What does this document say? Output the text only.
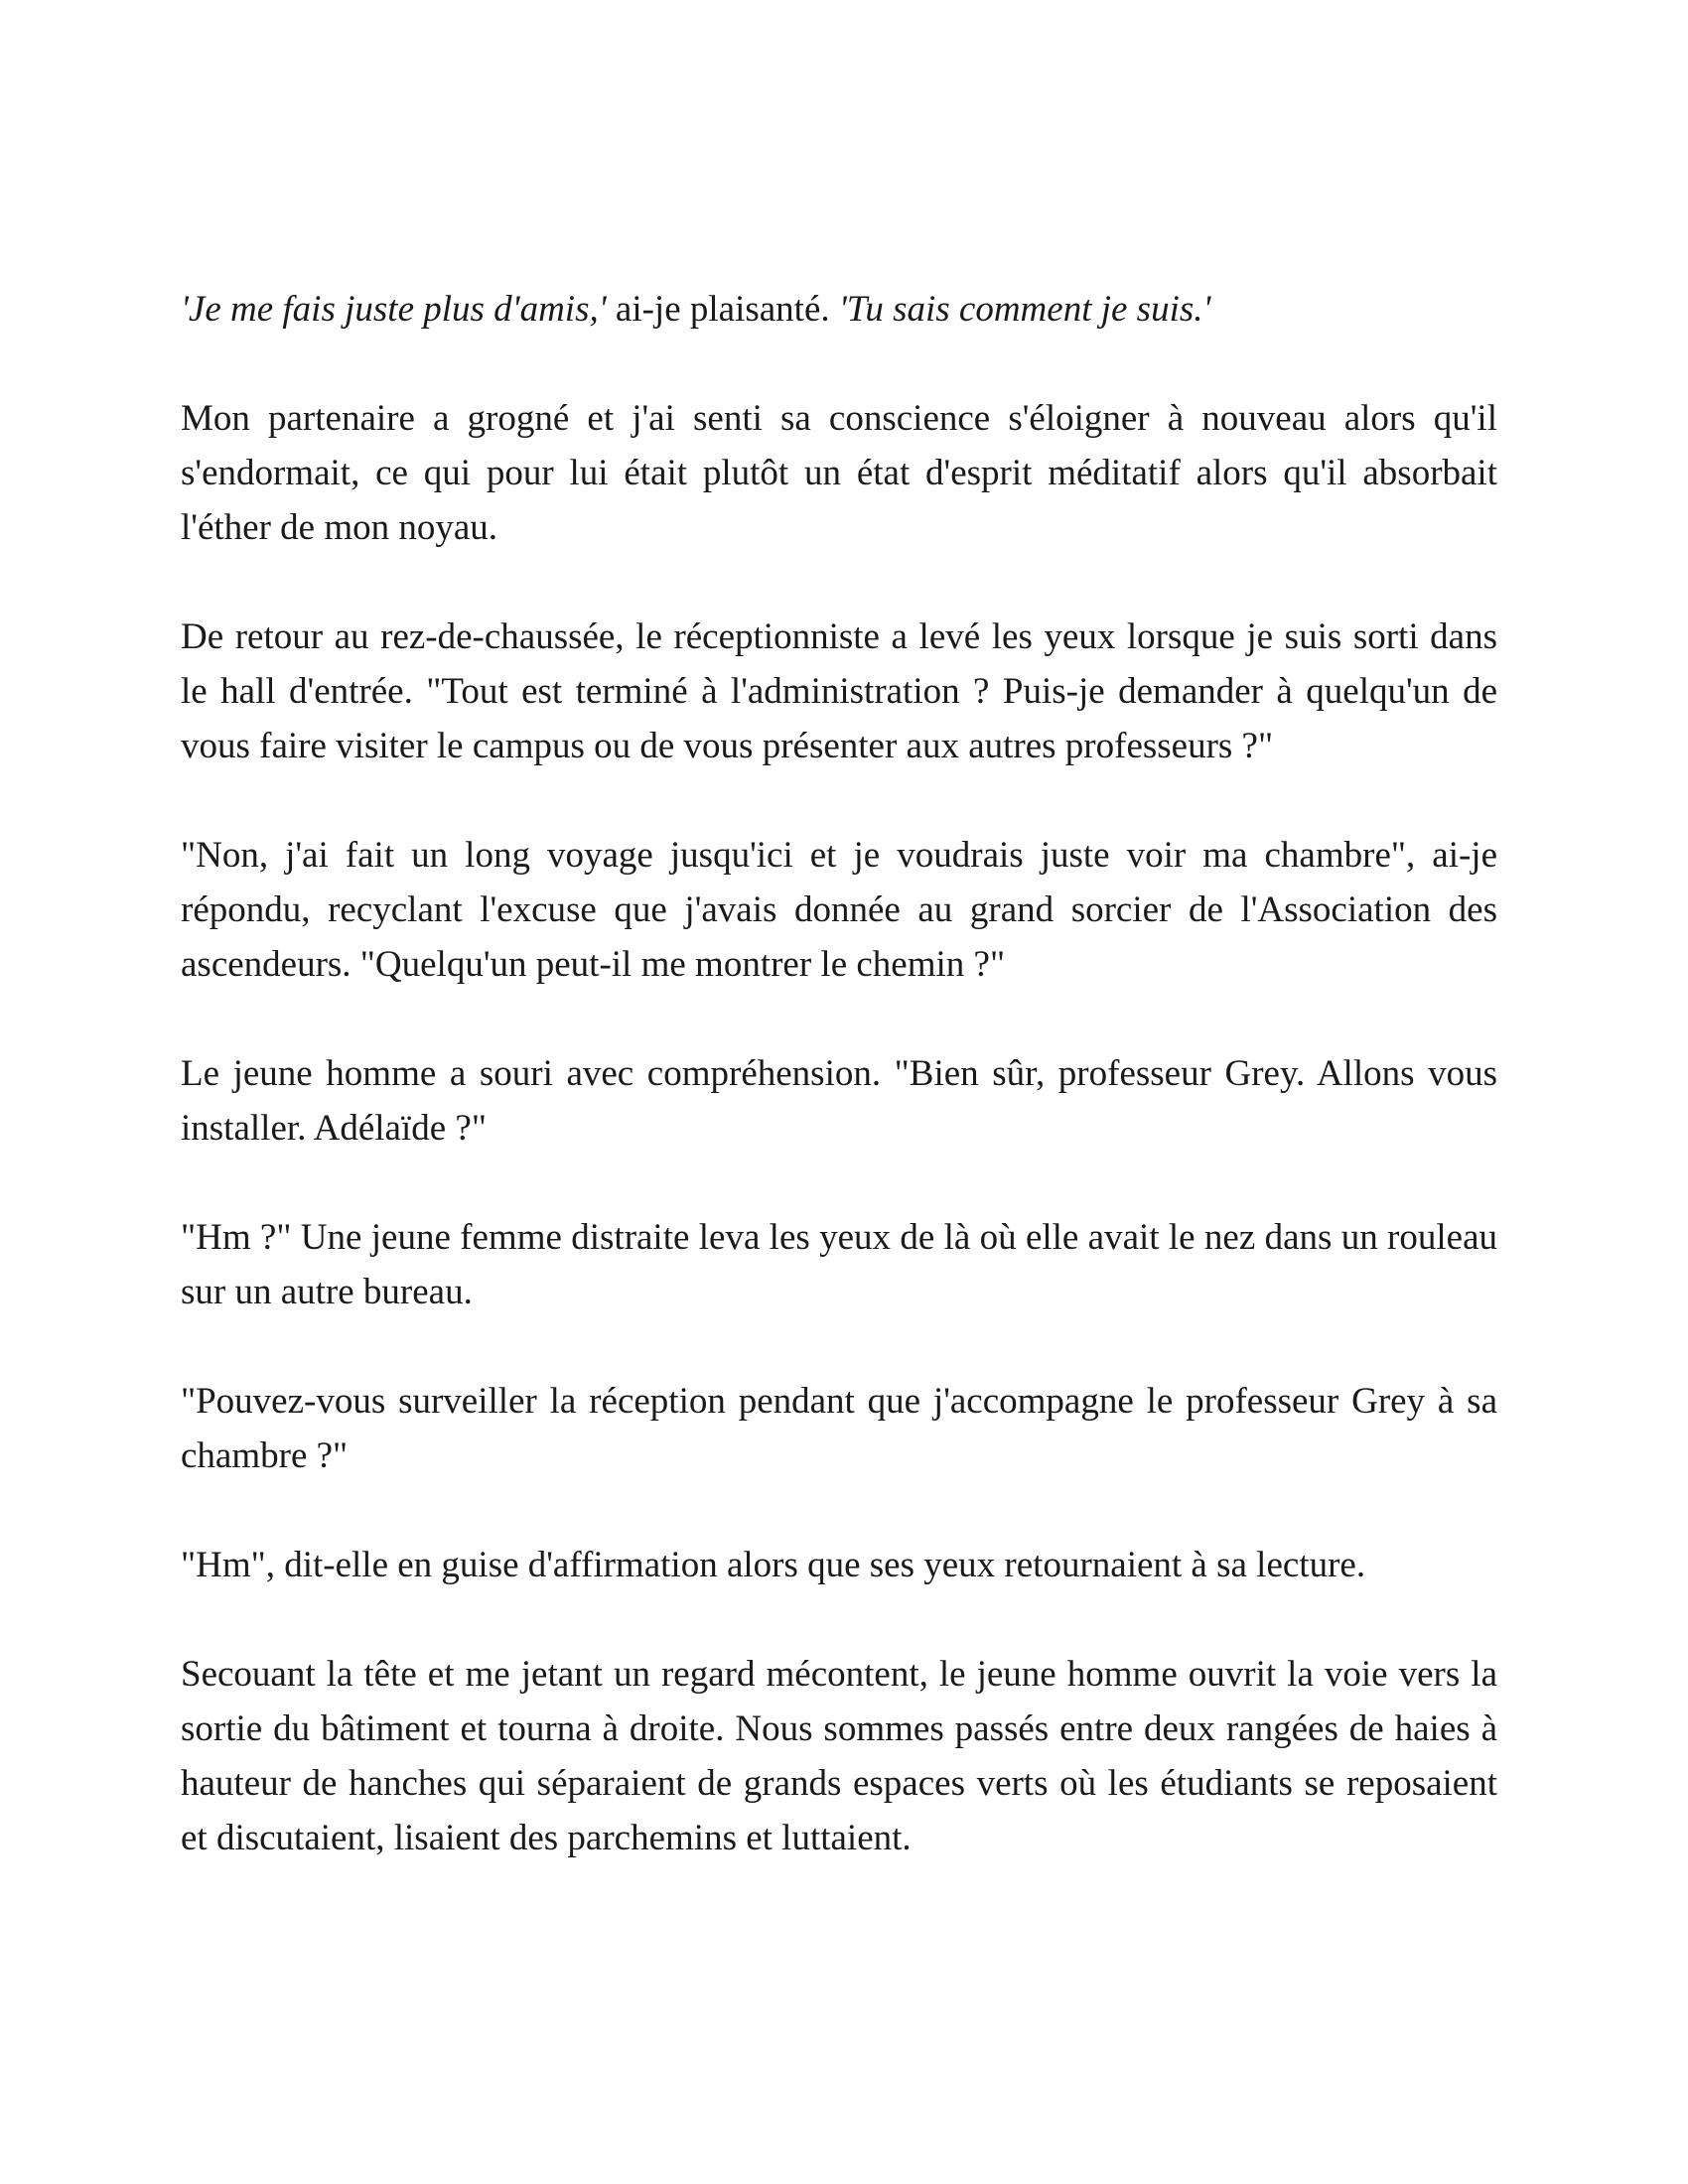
'Je me fais juste plus d'amis,' ai-je plaisanté. 'Tu sais comment je suis.'

Mon partenaire a grogné et j'ai senti sa conscience s'éloigner à nouveau alors qu'il s'endormait, ce qui pour lui était plutôt un état d'esprit méditatif alors qu'il absorbait l'éther de mon noyau.

De retour au rez-de-chaussée, le réceptionniste a levé les yeux lorsque je suis sorti dans le hall d'entrée. "Tout est terminé à l'administration ? Puis-je demander à quelqu'un de vous faire visiter le campus ou de vous présenter aux autres professeurs ?"

"Non, j'ai fait un long voyage jusqu'ici et je voudrais juste voir ma chambre", ai-je répondu, recyclant l'excuse que j'avais donnée au grand sorcier de l'Association des ascendeurs. "Quelqu'un peut-il me montrer le chemin ?"

Le jeune homme a souri avec compréhension. "Bien sûr, professeur Grey. Allons vous installer. Adélaïde ?"

"Hm ?" Une jeune femme distraite leva les yeux de là où elle avait le nez dans un rouleau sur un autre bureau.

"Pouvez-vous surveiller la réception pendant que j'accompagne le professeur Grey à sa chambre ?"

"Hm", dit-elle en guise d'affirmation alors que ses yeux retournaient à sa lecture.

Secouant la tête et me jetant un regard mécontent, le jeune homme ouvrit la voie vers la sortie du bâtiment et tourna à droite. Nous sommes passés entre deux rangées de haies à hauteur de hanches qui séparaient de grands espaces verts où les étudiants se reposaient et discutaient, lisaient des parchemins et luttaient.
